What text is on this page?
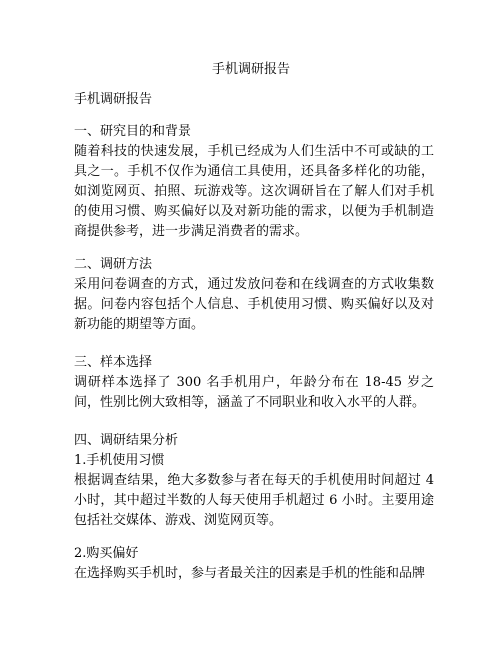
手机调研报告
手机调研报告

一、研究目的和背景

随着科技的快速发展，手机已经成为人们生活中不可或缺的工具之一。手机不仅作为通信工具使用，还具备多样化的功能，如浏览网页、拍照、玩游戏等。这次调研旨在了解人们对手机的使用习惯、购买偏好以及对新功能的需求，以便为手机制造商提供参考，进一步满足消费者的需求。

二、调研方法

采用问卷调查的方式，通过发放问卷和在线调查的方式收集数据。问卷内容包括个人信息、手机使用习惯、购买偏好以及对新功能的期望等方面。

三、样本选择

调研样本选择了 300 名手机用户，年龄分布在 18-45 岁之间，性别比例大致相等，涵盖了不同职业和收入水平的人群。

四、调研结果分析

1.手机使用习惯

根据调查结果，绝大多数参与者在每天的手机使用时间超过 4 小时，其中超过半数的人每天使用手机超过 6 小时。主要用途包括社交媒体、游戏、浏览网页等。

2.购买偏好

在选择购买手机时，参与者最关注的因素是手机的性能和品牌
